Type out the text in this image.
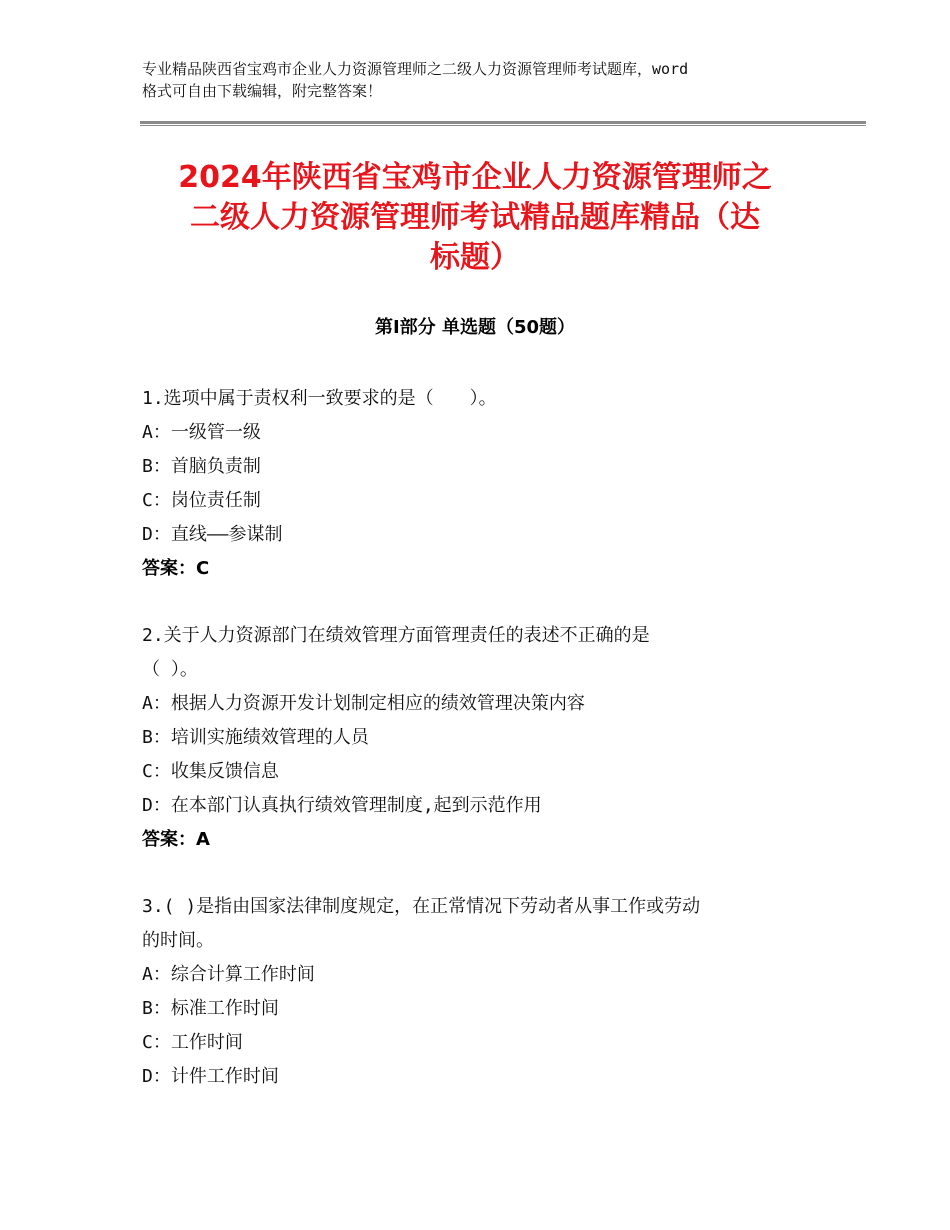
专业精品陕西省宝鸡市企业人力资源管理师之二级人力资源管理师考试题库，word
格式可自由下载编辑，附完整答案！
2024年陕西省宝鸡市企业人力资源管理师之
二级人力资源管理师考试精品题库精品（达
标题）
第Ⅰ部分 单选题（50题）
1.选项中属于责权利一致要求的是（　　）。
A：一级管一级
B：首脑负责制
C：岗位责任制
D：直线——参谋制
答案：C
2.关于人力资源部门在绩效管理方面管理责任的表述不正确的是
（ ）。
A：根据人力资源开发计划制定相应的绩效管理决策内容
B：培训实施绩效管理的人员
C：收集反馈信息
D：在本部门认真执行绩效管理制度,起到示范作用
答案：A
3.( )是指由国家法律制度规定，在正常情况下劳动者从事工作或劳动
的时间。
A：综合计算工作时间
B：标准工作时间
C：工作时间
D：计件工作时间
